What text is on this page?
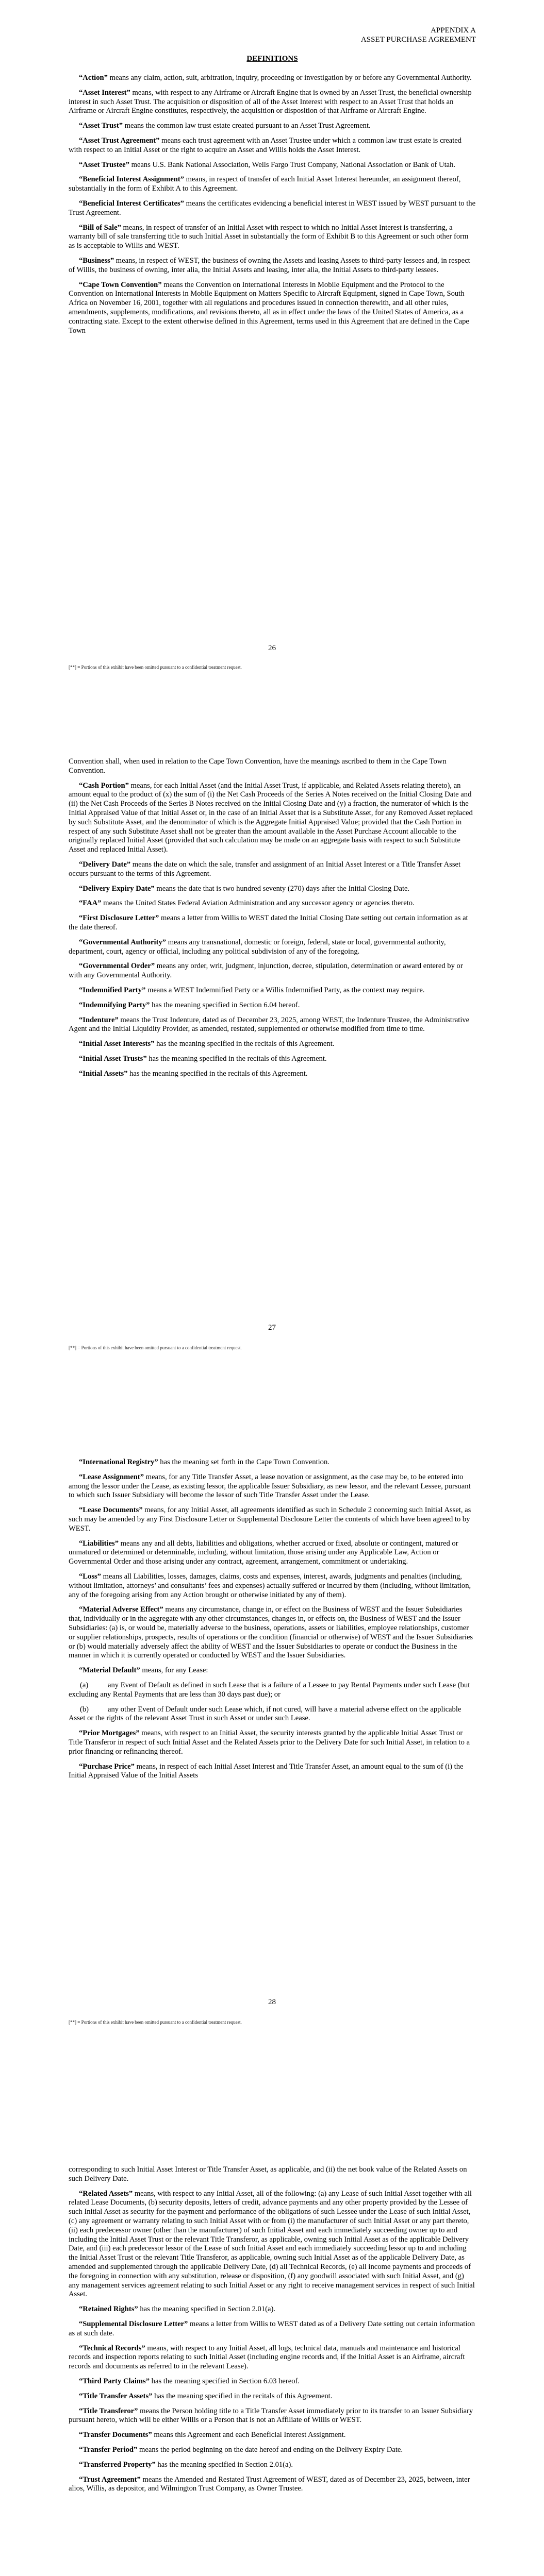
APPENDIX A

ASSET PURCHASE AGREEMENT

DEFINITIONS

“Action” means any claim, action, suit, arbitration, inquiry, proceeding or investigation by or before any Governmental Authority.

“Asset Interest” means, with respect to any Airframe or Aircraft Engine that is owned by an Asset Trust, the beneficial ownership interest in such Asset Trust. The acquisition or disposition of all of the Asset Interest with respect to an Asset Trust that holds an Airframe or Aircraft Engine constitutes, respectively, the acquisition or disposition of that Airframe or Aircraft Engine.

“Asset Trust” means the common law trust estate created pursuant to an Asset Trust Agreement.

“Asset Trust Agreement” means each trust agreement with an Asset Trustee under which a common law trust estate is created with respect to an Initial Asset or the right to acquire an Asset and Willis holds the Asset Interest.

“Asset Trustee” means U.S. Bank National Association, Wells Fargo Trust Company, National Association or Bank of Utah.

“Beneficial Interest Assignment” means, in respect of transfer of each Initial Asset Interest hereunder, an assignment thereof, substantially in the form of Exhibit A to this Agreement.

“Beneficial Interest Certificates” means the certificates evidencing a beneficial interest in WEST issued by WEST pursuant to the Trust Agreement.

“Bill of Sale” means, in respect of transfer of an Initial Asset with respect to which no Initial Asset Interest is transferring, a warranty bill of sale transferring title to such Initial Asset in substantially the form of Exhibit B to this Agreement or such other form as is acceptable to Willis and WEST.

“Business” means, in respect of WEST, the business of owning the Assets and leasing Assets to third-party lessees and, in respect of Willis, the business of owning, inter alia, the Initial Assets and leasing, inter alia, the Initial Assets to third-party lessees.

“Cape Town Convention” means the Convention on International Interests in Mobile Equipment and the Protocol to the Convention on International Interests in Mobile Equipment on Matters Specific to Aircraft Equipment, signed in Cape Town, South Africa on November 16, 2001, together with all regulations and procedures issued in connection therewith, and all other rules, amendments, supplements, modifications, and revisions thereto, all as in effect under the laws of the United States of America, as a contracting state. Except to the extent otherwise defined in this Agreement, terms used in this Agreement that are defined in the Cape Town

26
[**] = Portions of this exhibit have been omitted pursuant to a confidential treatment request.

Convention shall, when used in relation to the Cape Town Convention, have the meanings ascribed to them in the Cape Town Convention.

“Cash Portion” means, for each Initial Asset (and the Initial Asset Trust, if applicable, and Related Assets relating thereto), an amount equal to the product of (x) the sum of (i) the Net Cash Proceeds of the Series A Notes received on the Initial Closing Date and (ii) the Net Cash Proceeds of the Series B Notes received on the Initial Closing Date and (y) a fraction, the numerator of which is the Initial Appraised Value of that Initial Asset or, in the case of an Initial Asset that is a Substitute Asset, for any Removed Asset replaced by such Substitute Asset, and the denominator of which is the Aggregate Initial Appraised Value; provided that the Cash Portion in respect of any such Substitute Asset shall not be greater than the amount available in the Asset Purchase Account allocable to the originally replaced Initial Asset (provided that such calculation may be made on an aggregate basis with respect to such Substitute Asset and replaced Initial Asset).

“Delivery Date” means the date on which the sale, transfer and assignment of an Initial Asset Interest or a Title Transfer Asset occurs pursuant to the terms of this Agreement.

“Delivery Expiry Date” means the date that is two hundred seventy (270) days after the Initial Closing Date.

“FAA” means the United States Federal Aviation Administration and any successor agency or agencies thereto.

“First Disclosure Letter” means a letter from Willis to WEST dated the Initial Closing Date setting out certain information as at the date thereof.

“Governmental Authority” means any transnational, domestic or foreign, federal, state or local, governmental authority, department, court, agency or official, including any political subdivision of any of the foregoing.

“Governmental Order” means any order, writ, judgment, injunction, decree, stipulation, determination or award entered by or with any Governmental Authority.

“Indemnified Party” means a WEST Indemnified Party or a Willis Indemnified Party, as the context may require.

“Indemnifying Party” has the meaning specified in Section 6.04 hereof.

“Indenture” means the Trust Indenture, dated as of December 23, 2025, among WEST, the Indenture Trustee, the Administrative Agent and the Initial Liquidity Provider, as amended, restated, supplemented or otherwise modified from time to time.

“Initial Asset Interests” has the meaning specified in the recitals of this Agreement.

“Initial Asset Trusts” has the meaning specified in the recitals of this Agreement.

“Initial Assets” has the meaning specified in the recitals of this Agreement.

27
[**] = Portions of this exhibit have been omitted pursuant to a confidential treatment request.

“International Registry” has the meaning set forth in the Cape Town Convention.

“Lease Assignment” means, for any Title Transfer Asset, a lease novation or assignment, as the case may be, to be entered into among the lessor under the Lease, as existing lessor, the applicable Issuer Subsidiary, as new lessor, and the relevant Lessee, pursuant to which such Issuer Subsidiary will become the lessor of such Title Transfer Asset under the Lease.

“Lease Documents” means, for any Initial Asset, all agreements identified as such in Schedule 2 concerning such Initial Asset, as such may be amended by any First Disclosure Letter or Supplemental Disclosure Letter the contents of which have been agreed to by WEST.

“Liabilities” means any and all debts, liabilities and obligations, whether accrued or fixed, absolute or contingent, matured or unmatured or determined or determinable, including, without limitation, those arising under any Applicable Law, Action or Governmental Order and those arising under any contract, agreement, arrangement, commitment or undertaking.

“Loss” means all Liabilities, losses, damages, claims, costs and expenses, interest, awards, judgments and penalties (including, without limitation, attorneys’ and consultants’ fees and expenses) actually suffered or incurred by them (including, without limitation, any of the foregoing arising from any Action brought or otherwise initiated by any of them).

“Material Adverse Effect” means any circumstance, change in, or effect on the Business of WEST and the Issuer Subsidiaries that, individually or in the aggregate with any other circumstances, changes in, or effects on, the Business of WEST and the Issuer Subsidiaries: (a) is, or would be, materially adverse to the business, operations, assets or liabilities, employee relationships, customer or supplier relationships, prospects, results of operations or the condition (financial or otherwise) of WEST and the Issuer Subsidiaries or (b) would materially adversely affect the ability of WEST and the Issuer Subsidiaries to operate or conduct the Business in the manner in which it is currently operated or conducted by WEST and the Issuer Subsidiaries.

“Material Default” means, for any Lease:

(a)	any Event of Default as defined in such Lease that is a failure of a Lessee to pay Rental Payments under such Lease (but excluding any Rental Payments that are less than 30 days past due); or

(b)	any other Event of Default under such Lease which, if not cured, will have a material adverse effect on the applicable Asset or the rights of the relevant Asset Trust in such Asset or under such Lease.

“Prior Mortgages” means, with respect to an Initial Asset, the security interests granted by the applicable Initial Asset Trust or Title Transferor in respect of such Initial Asset and the Related Assets prior to the Delivery Date for such Initial Asset, in relation to a prior financing or refinancing thereof.

“Purchase Price” means, in respect of each Initial Asset Interest and Title Transfer Asset, an amount equal to the sum of (i) the Initial Appraised Value of the Initial Assets

28
[**] = Portions of this exhibit have been omitted pursuant to a confidential treatment request.

corresponding to such Initial Asset Interest or Title Transfer Asset, as applicable, and (ii) the net book value of the Related Assets on such Delivery Date.

“Related Assets” means, with respect to any Initial Asset, all of the following: (a) any Lease of such Initial Asset together with all related Lease Documents, (b) security deposits, letters of credit, advance payments and any other property provided by the Lessee of such Initial Asset as security for the payment and performance of the obligations of such Lessee under the Lease of such Initial Asset, (c) any agreement or warranty relating to such Initial Asset with or from (i) the manufacturer of such Initial Asset or any part thereto, (ii) each predecessor owner (other than the manufacturer) of such Initial Asset and each immediately succeeding owner up to and including the Initial Asset Trust or the relevant Title Transferor, as applicable, owning such Initial Asset as of the applicable Delivery Date, and (iii) each predecessor lessor of the Lease of such Initial Asset and each immediately succeeding lessor up to and including the Initial Asset Trust or the relevant Title Transferor, as applicable, owning such Initial Asset as of the applicable Delivery Date, as amended and supplemented through the applicable Delivery Date, (d) all Technical Records, (e) all income payments and proceeds of the foregoing in connection with any substitution, release or disposition, (f) any goodwill associated with such Initial Asset, and (g) any management services agreement relating to such Initial Asset or any right to receive management services in respect of such Initial Asset.

“Retained Rights” has the meaning specified in Section 2.01(a).

“Supplemental Disclosure Letter” means a letter from Willis to WEST dated as of a Delivery Date setting out certain information as at such date.

“Technical Records” means, with respect to any Initial Asset, all logs, technical data, manuals and maintenance and historical records and inspection reports relating to such Initial Asset (including engine records and, if the Initial Asset is an Airframe, aircraft records and documents as referred to in the relevant Lease).

“Third Party Claims” has the meaning specified in Section 6.03 hereof.

“Title Transfer Assets” has the meaning specified in the recitals of this Agreement.

“Title Transferor” means the Person holding title to a Title Transfer Asset immediately prior to its transfer to an Issuer Subsidiary pursuant hereto, which will be either Willis or a Person that is not an Affiliate of Willis or WEST.

“Transfer Documents” means this Agreement and each Beneficial Interest Assignment.

“Transfer Period” means the period beginning on the date hereof and ending on the Delivery Expiry Date.

“Transferred Property” has the meaning specified in Section 2.01(a).

“Trust Agreement” means the Amended and Restated Trust Agreement of WEST, dated as of December 23, 2025, between, inter alios, Willis, as depositor, and Wilmington Trust Company, as Owner Trustee.
